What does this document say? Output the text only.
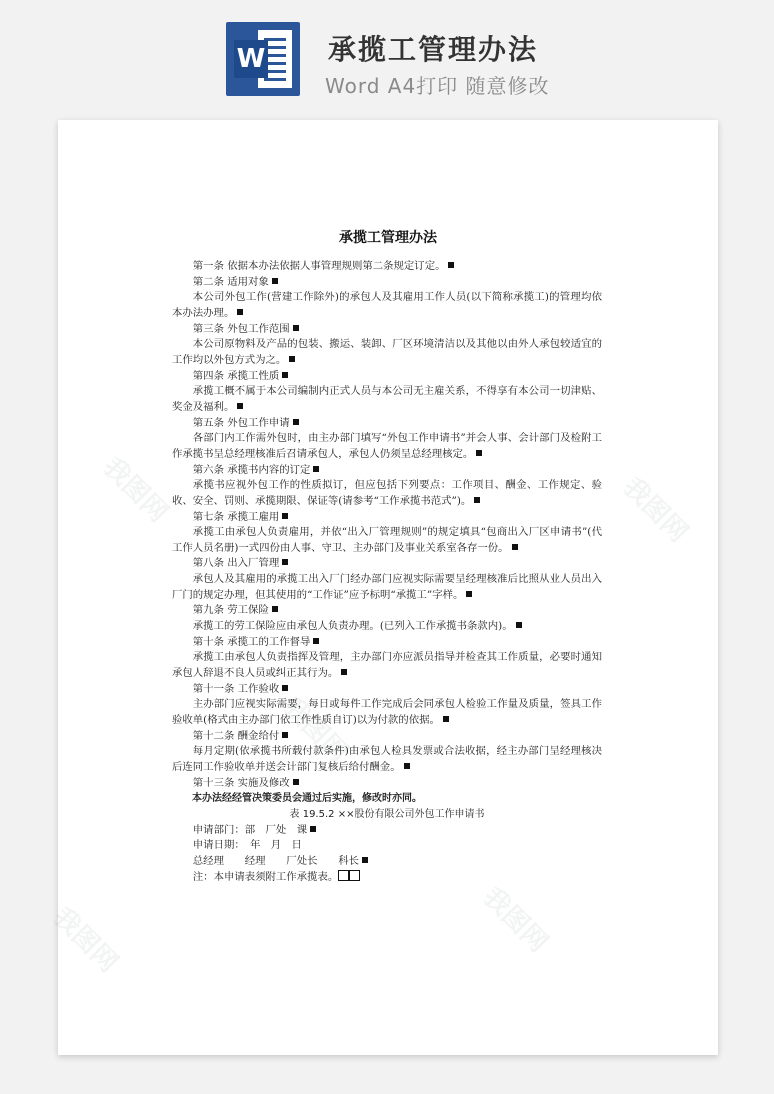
W 承揽工管理办法
Word A4打印 随意修改
我图网	我图网
我图网	我图网
我图网
承揽工管理办法

第一条 依据本办法依据人事管理规则第二条规定订定。

第二条 适用对象

本公司外包工作(营建工作除外)的承包人及其雇用工作人员(以下简称承揽工)的管理均依本办法办理。

第三条 外包工作范围

本公司原物料及产品的包装、搬运、装卸、厂区环境清洁以及其他以由外人承包较适宜的工作均以外包方式为之。

第四条 承揽工性质

承揽工概不属于本公司编制内正式人员与本公司无主雇关系，不得享有本公司一切津贴、奖金及福利。

第五条 外包工作申请

各部门内工作需外包时，由主办部门填写“外包工作申请书”并会人事、会计部门及检附工作承揽书呈总经理核准后召请承包人，承包人仍须呈总经理核定。

第六条 承揽书内容的订定

承揽书应视外包工作的性质拟订，但应包括下列要点：工作项目、酬金、工作规定、验收、安全、罚则、承揽期限、保证等(请参考“工作承揽书范式”)。

第七条 承揽工雇用

承揽工由承包人负责雇用，并依“出入厂管理规则”的规定填具“包商出入厂区申请书”(代工作人员名册)一式四份由人事、守卫、主办部门及事业关系室各存一份。

第八条 出入厂管理

承包人及其雇用的承揽工出入厂门经办部门应视实际需要呈经理核准后比照从业人员出入厂门的规定办理，但其使用的“工作证”应予标明“承揽工”字样。

第九条 劳工保险

承揽工的劳工保险应由承包人负责办理。(已列入工作承揽书条款内)。

第十条 承揽工的工作督导

承揽工由承包人负责指挥及管理，主办部门亦应派员指导并检查其工作质量，必要时通知承包人辞退不良人员或纠正其行为。

第十一条 工作验收

主办部门应视实际需要，每日或每件工作完成后会同承包人检验工作量及质量，签具工作验收单(格式由主办部门依工作性质自订)以为付款的依据。

第十二条 酬金给付

每月定期(依承揽书所载付款条件)由承包人检具发票或合法收据，经主办部门呈经理核决后连同工作验收单并送会计部门复核后给付酬金。

第十三条 实施及修改

本办法经经管决策委员会通过后实施，修改时亦同。

表 19.5.2 ××股份有限公司外包工作申请书

申请部门：部　厂处　课

申请日期：　年　月　日

总经理　　经理　　厂处长　　科长

注：本申请表须附工作承揽表。
